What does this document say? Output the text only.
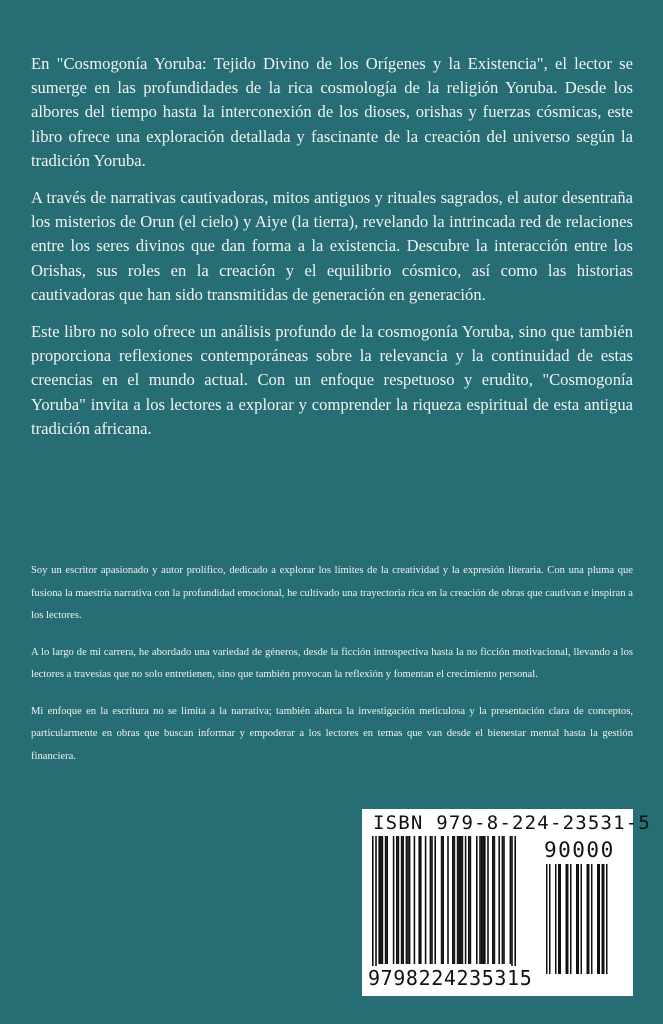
En "Cosmogonía Yoruba: Tejido Divino de los Orígenes y la Existencia", el lector se sumerge en las profundidades de la rica cosmología de la religión Yoruba. Desde los albores del tiempo hasta la interconexión de los dioses, orishas y fuerzas cósmicas, este libro ofrece una exploración detallada y fascinante de la creación del universo según la tradición Yoruba.

A través de narrativas cautivadoras, mitos antiguos y rituales sagrados, el autor desentraña los misterios de Orun (el cielo) y Aiye (la tierra), revelando la intrincada red de relaciones entre los seres divinos que dan forma a la existencia. Descubre la interacción entre los Orishas, sus roles en la creación y el equilibrio cósmico, así como las historias cautivadoras que han sido transmitidas de generación en generación.

Este libro no solo ofrece un análisis profundo de la cosmogonía Yoruba, sino que también proporciona reflexiones contemporáneas sobre la relevancia y la continuidad de estas creencias en el mundo actual. Con un enfoque respetuoso y erudito, "Cosmogonía Yoruba" invita a los lectores a explorar y comprender la riqueza espiritual de esta antigua tradición africana.

Soy un escritor apasionado y autor prolífico, dedicado a explorar los límites de la creatividad y la expresión literaria. Con una pluma que fusiona la maestría narrativa con la profundidad emocional, he cultivado una trayectoria rica en la creación de obras que cautivan e inspiran a los lectores.

A lo largo de mi carrera, he abordado una variedad de géneros, desde la ficción introspectiva hasta la no ficción motivacional, llevando a los lectores a travesías que no solo entretienen, sino que también provocan la reflexión y fomentan el crecimiento personal.

Mi enfoque en la escritura no se limita a la narrativa; también abarca la investigación meticulosa y la presentación clara de conceptos, particularmente en obras que buscan informar y empoderar a los lectores en temas que van desde el bienestar mental hasta la gestión financiera.

ISBN 979-8-224-23531-5
90000
9798224235315
